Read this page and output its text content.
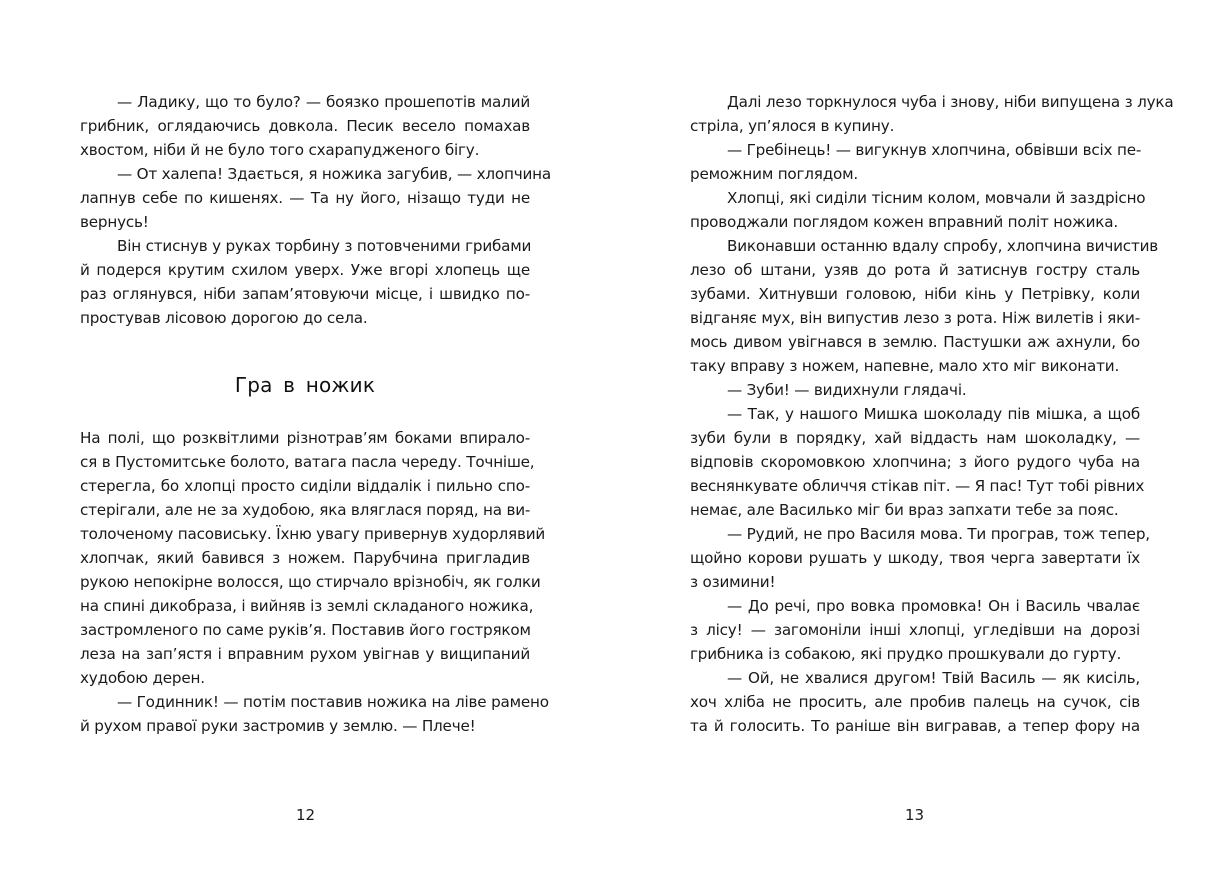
— Ладику, що то було? — боязко прошепотів малий
грибник, оглядаючись довкола. Песик весело помахав
хвостом, ніби й не було того схарапудженого бігу.
— От халепа! Здається, я ножика загубив, — хлопчина
лапнув себе по кишенях. — Та ну його, нізащо туди не
вернусь!
Він стиснув у руках торбину з потовченими грибами
й подерся крутим схилом уверх. Уже вгорі хлопець ще
раз оглянувся, ніби запам’ятовуючи місце, і швидко по-
простував лісовою дорогою до села.
Гра в ножик
На полі, що розквітлими різнотрав’ям боками впирало-
ся в Пустомитське болото, ватага пасла череду. Точніше,
стерегла, бо хлопці просто сиділи віддалік і пильно спо-
стерігали, але не за худобою, яка вляглася поряд, на ви-
толоченому пасовиську. Їхню увагу привернув худорлявий
хлопчак, який бавився з ножем. Парубчина пригладив
рукою непокірне волосся, що стирчало врізнобіч, як голки
на спині дикобраза, і вийняв із землі складаного ножика,
застромленого по саме руків’я. Поставив його гостряком
леза на зап’ястя і вправним рухом увігнав у вищипаний
худобою дерен.
— Годинник! — потім поставив ножика на ліве рамено
й рухом правої руки застромив у землю. — Плече!
12
Далі лезо торкнулося чуба і знову, ніби випущена з лука
стріла, уп’ялося в купину.
— Гребінець! — вигукнув хлопчина, обвівши всіх пе-
реможним поглядом.
Хлопці, які сиділи тісним колом, мовчали й заздрісно
проводжали поглядом кожен вправний політ ножика.
Виконавши останню вдалу спробу, хлопчина вичистив
лезо об штани, узяв до рота й затиснув гостру сталь
зубами. Хитнувши головою, ніби кінь у Петрівку, коли
відганяє мух, він випустив лезо з рота. Ніж вилетів і яки-
мось дивом увігнався в землю. Пастушки аж ахнули, бо
таку вправу з ножем, напевне, мало хто міг виконати.
— Зуби! — видихнули глядачі.
— Так, у нашого Мишка шоколаду пів мішка, а щоб
зуби були в порядку, хай віддасть нам шоколадку, —
відповів скоромовкою хлопчина; з його рудого чуба на
веснянкувате обличчя стікав піт. — Я пас! Тут тобі рівних
немає, але Василько міг би враз запхати тебе за пояс.
— Рудий, не про Василя мова. Ти програв, тож тепер,
щойно корови рушать у шкоду, твоя черга завертати їх
з озимини!
— До речі, про вовка промовка! Он і Василь чвалає
з лісу! — загомоніли інші хлопці, угледівши на дорозі
грибника із собакою, які прудко прошкували до гурту.
— Ой, не хвалися другом! Твій Василь — як кисіль,
хоч хліба не просить, але пробив палець на сучок, сів
та й голосить. То раніше він вигравав, а тепер фору на
13
